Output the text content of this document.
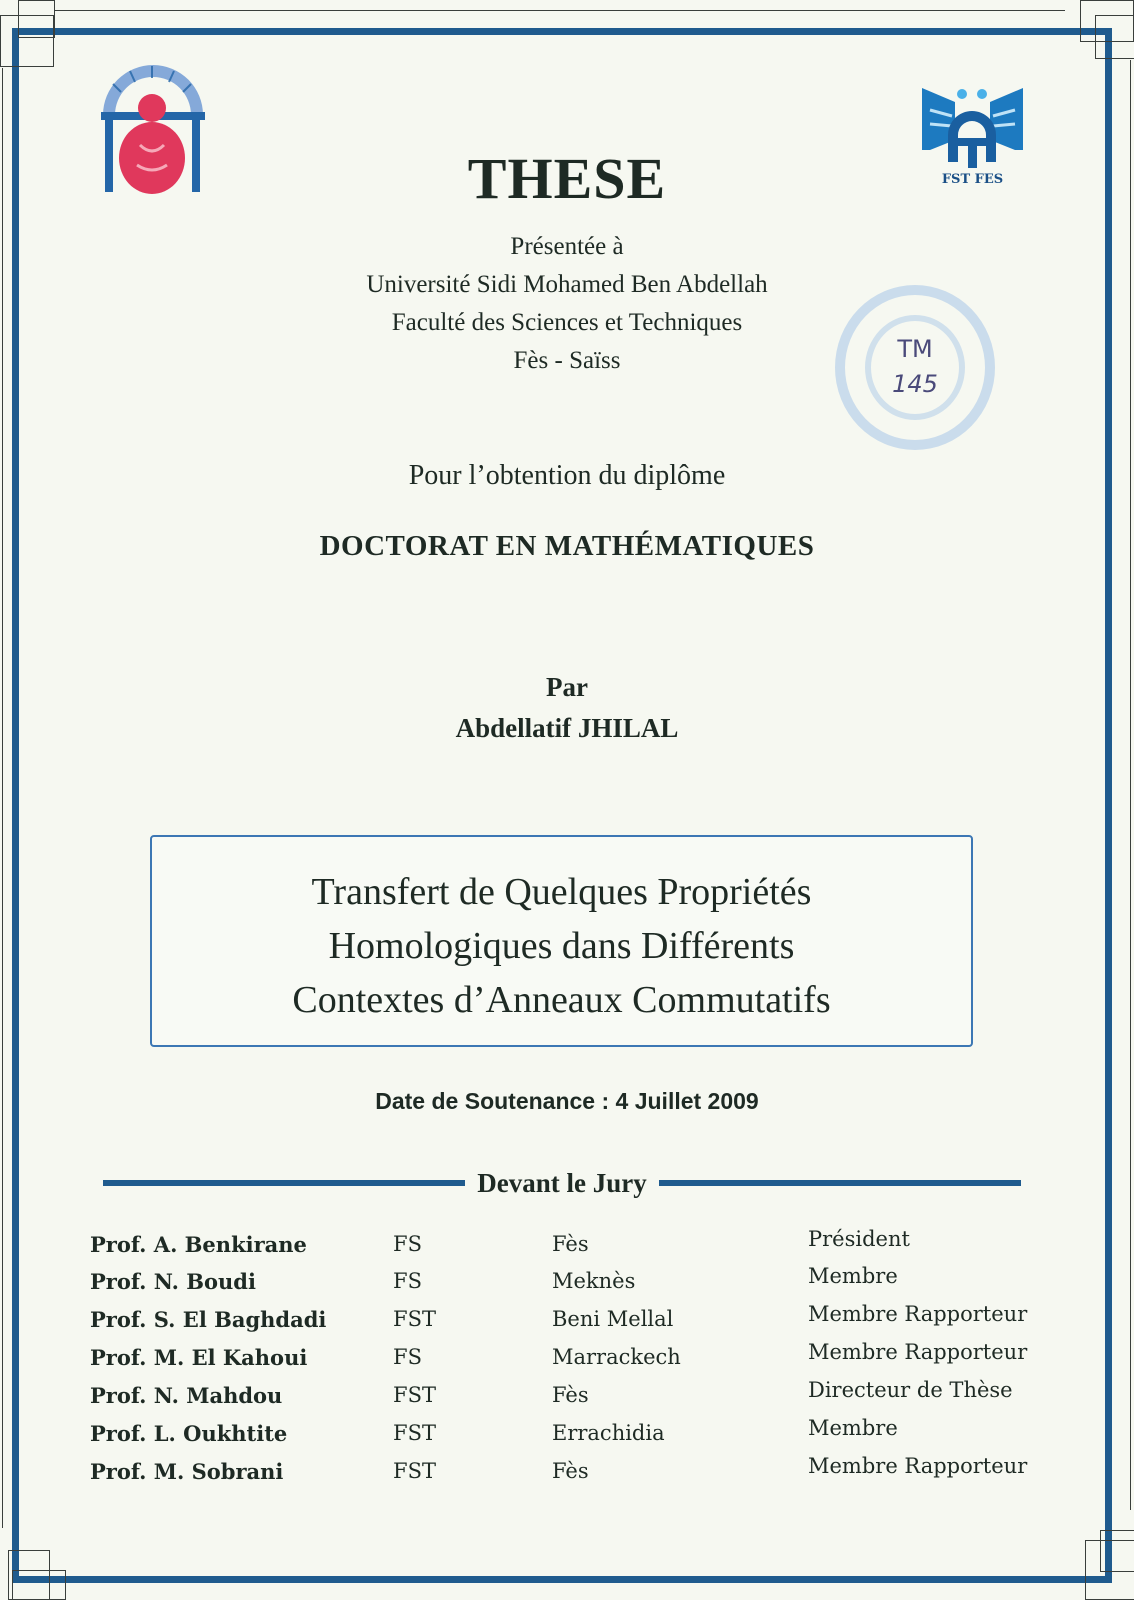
FST FES
TM
145
THESE
Présentée à
Université Sidi Mohamed Ben Abdellah
Faculté des Sciences et Techniques
Fès - Saïss
Pour l’obtention du diplôme
DOCTORAT EN MATHÉMATIQUES
Par
Abdellatif JHILAL
Transfert de Quelques Propriétés
Homologiques dans Différents
Contextes d’Anneaux Commutatifs
Date de Soutenance : 4 Juillet 2009
Devant le Jury
Prof. A. Benkirane	FS	Fès	Président
Prof. N. Boudi	FS	Meknès	Membre
Prof. S. El Baghdadi	FST	Beni Mellal	Membre Rapporteur
Prof. M. El Kahoui	FS	Marrackech	Membre Rapporteur
Prof. N. Mahdou	FST	Fès	Directeur de Thèse
Prof. L. Oukhtite	FST	Errachidia	Membre
Prof. M. Sobrani	FST	Fès	Membre Rapporteur
